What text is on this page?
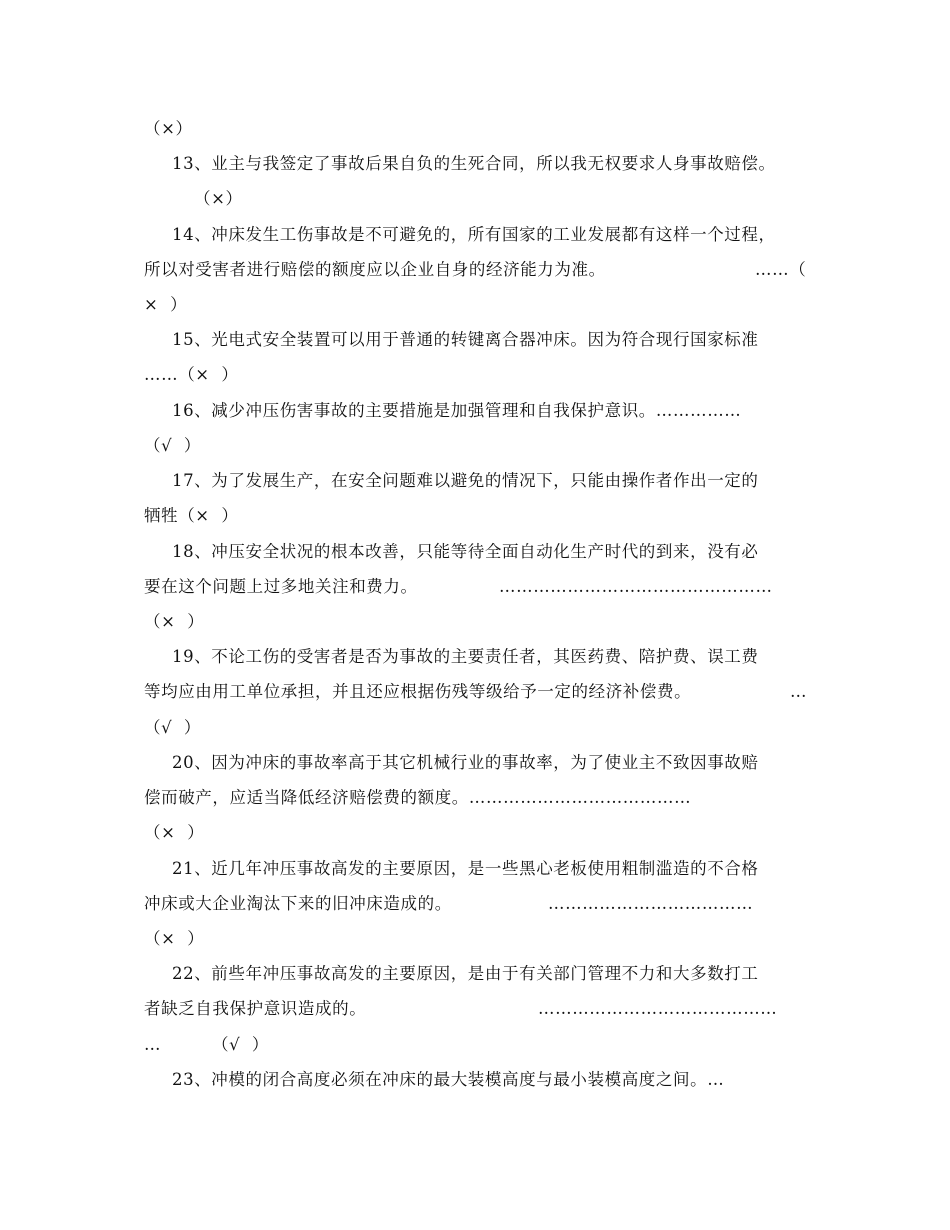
（×）
13、业主与我签定了事故后果自负的生死合同，所以我无权要求人身事故赔偿。
（×）
14、冲床发生工伤事故是不可避免的，所有国家的工业发展都有这样一个过程，
所以对受害者进行赔偿的额度应以企业自身的经济能力为准。	……（
×  ）
15、光电式安全装置可以用于普通的转键离合器冲床。因为符合现行国家标准
……（×  ）
16、减少冲压伤害事故的主要措施是加强管理和自我保护意识。……………
（√  ）
17、为了发展生产，在安全问题难以避免的情况下，只能由操作者作出一定的
牺牲（×  ）
18、冲压安全状况的根本改善，只能等待全面自动化生产时代的到来，没有必
要在这个问题上过多地关注和费力。	…………………………………………
（×  ）
19、不论工伤的受害者是否为事故的主要责任者，其医药费、陪护费、误工费
等均应由用工单位承担，并且还应根据伤残等级给予一定的经济补偿费。	…
（√  ）
20、因为冲床的事故率高于其它机械行业的事故率，为了使业主不致因事故赔
偿而破产，应适当降低经济赔偿费的额度。…………………………………
（×  ）
21、近几年冲压事故高发的主要原因，是一些黑心老板使用粗制滥造的不合格
冲床或大企业淘汰下来的旧冲床造成的。	………………………………
（×  ）
22、前些年冲压事故高发的主要原因，是由于有关部门管理不力和大多数打工
者缺乏自我保护意识造成的。	……………………………………
…	（√  ）
23、冲模的闭合高度必须在冲床的最大装模高度与最小装模高度之间。…
